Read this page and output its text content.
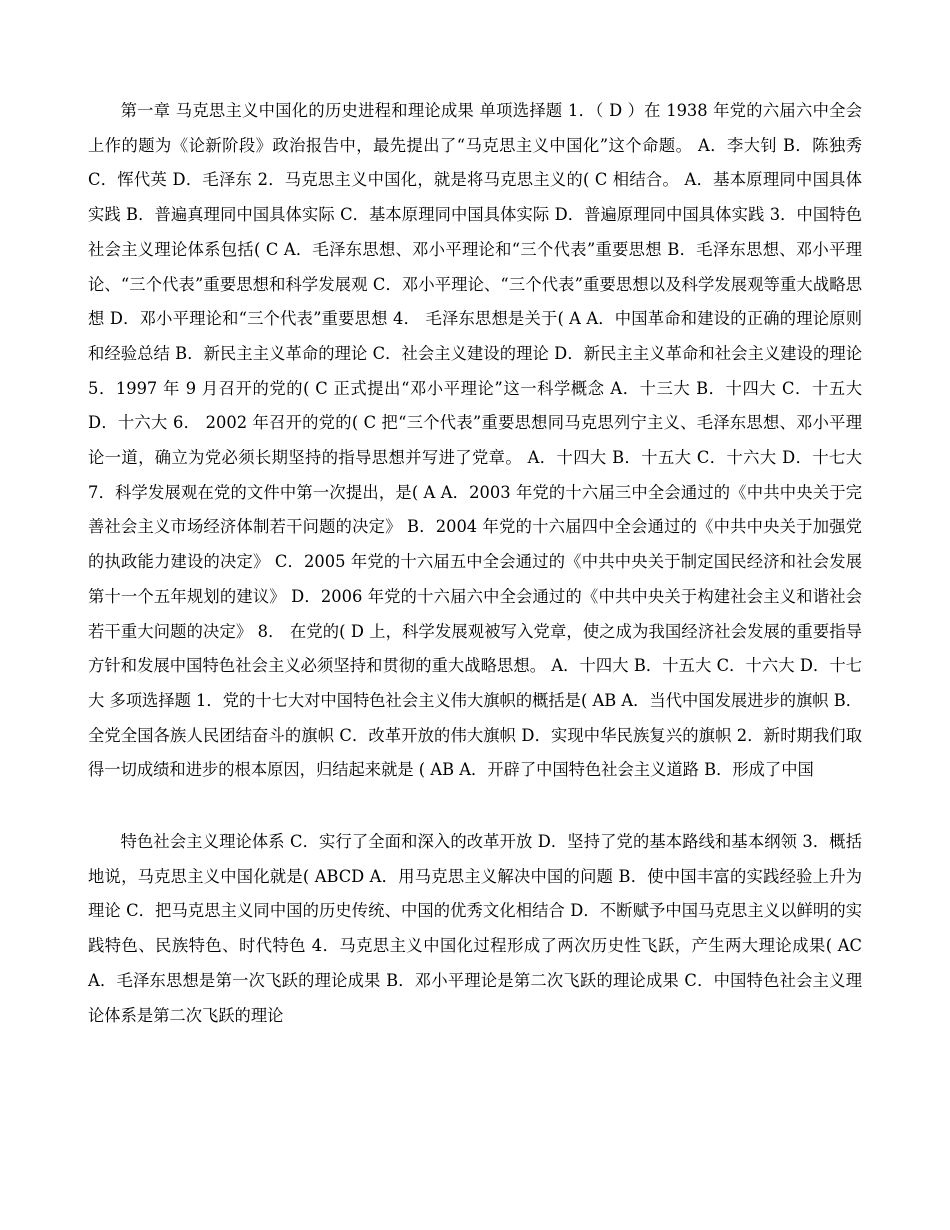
第一章 马克思主义中国化的历史进程和理论成果 单项选择题 1．（ D ）在 1938 年党的六届六中全会上作的题为《论新阶段》政治报告中，最先提出了“马克思主义中国化”这个命题。 A．李大钊 B．陈独秀 C．恽代英 D．毛泽东 2．马克思主义中国化，就是将马克思主义的( C 相结合。 A．基本原理同中国具体实践 B．普遍真理同中国具体实际 C．基本原理同中国具体实际 D．普遍原理同中国具体实践 3．中国特色社会主义理论体系包括( C A．毛泽东思想、邓小平理论和“三个代表”重要思想 B．毛泽东思想、邓小平理论、“三个代表”重要思想和科学发展观 C．邓小平理论、“三个代表”重要思想以及科学发展观等重大战略思想 D．邓小平理论和“三个代表”重要思想 4． 毛泽东思想是关于( A A．中国革命和建设的正确的理论原则和经验总结 B．新民主主义革命的理论 C．社会主义建设的理论 D．新民主主义革命和社会主义建设的理论 5．1997 年 9 月召开的党的( C 正式提出“邓小平理论”这一科学概念 A．十三大 B．十四大 C．十五大 D．十六大 6． 2002 年召开的党的( C 把“三个代表”重要思想同马克思列宁主义、毛泽东思想、邓小平理论一道，确立为党必须长期坚持的指导思想并写进了党章。 A．十四大 B．十五大 C．十六大 D．十七大 7．科学发展观在党的文件中第一次提出，是( A A．2003 年党的十六届三中全会通过的《中共中央关于完善社会主义市场经济体制若干问题的决定》 B．2004 年党的十六届四中全会通过的《中共中央关于加强党的执政能力建设的决定》 C．2005 年党的十六届五中全会通过的《中共中央关于制定国民经济和社会发展第十一个五年规划的建议》 D．2006 年党的十六届六中全会通过的《中共中央关于构建社会主义和谐社会若干重大问题的决定》 8． 在党的( D 上，科学发展观被写入党章，使之成为我国经济社会发展的重要指导方针和发展中国特色社会主义必须坚持和贯彻的重大战略思想。 A．十四大 B．十五大 C．十六大 D．十七大 多项选择题 1．党的十七大对中国特色社会主义伟大旗帜的概括是( AB A．当代中国发展进步的旗帜 B．全党全国各族人民团结奋斗的旗帜 C．改革开放的伟大旗帜 D．实现中华民族复兴的旗帜 2．新时期我们取得一切成绩和进步的根本原因，归结起来就是 ( AB A．开辟了中国特色社会主义道路 B．形成了中国

特色社会主义理论体系 C．实行了全面和深入的改革开放 D．坚持了党的基本路线和基本纲领 3．概括地说，马克思主义中国化就是( ABCD A．用马克思主义解决中国的问题 B．使中国丰富的实践经验上升为理论 C．把马克思主义同中国的历史传统、中国的优秀文化相结合 D．不断赋予中国马克思主义以鲜明的实践特色、民族特色、时代特色 4．马克思主义中国化过程形成了两次历史性飞跃，产生两大理论成果( AC A．毛泽东思想是第一次飞跃的理论成果 B．邓小平理论是第二次飞跃的理论成果 C．中国特色社会主义理论体系是第二次飞跃的理论
